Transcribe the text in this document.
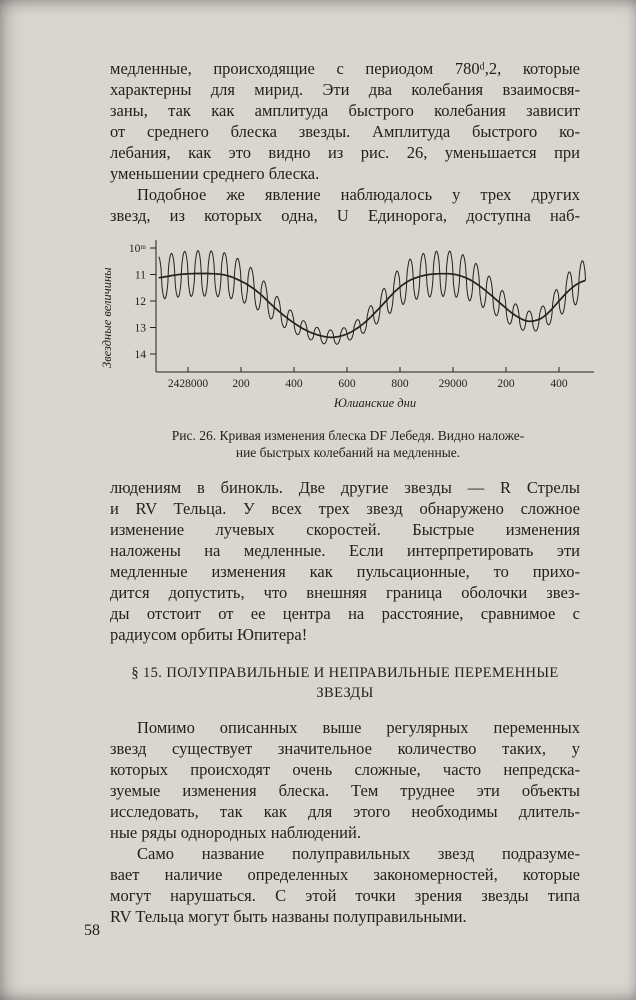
медленные, происходящие с периодом 780ᵈ,2, которые
характерны для мирид. Эти два колебания взаимосвя-
заны, так как амплитуда быстрого колебания зависит
от среднего блеска звезды. Амплитуда быстрого ко-
лебания, как это видно из рис. 26, уменьшается при
уменьшении среднего блеска.
Подобное же явление наблюдалось у трех других
звезд, из которых одна, U Единорога, доступна наб-
10ᵐ
11
12
13
14
2428000 200	400	600	800	29000	200	400
Юлианские дни
Звездные величины
Рис. 26. Кривая изменения блеска DF Лебедя. Видно наложе-
ние быстрых колебаний на медленные.
людениям в бинокль. Две другие звезды — R Стрелы
и RV Тельца. У всех трех звезд обнаружено сложное
изменение лучевых скоростей. Быстрые изменения
наложены на медленные. Если интерпретировать эти
медленные изменения как пульсационные, то прихо-
дится допустить, что внешняя граница оболочки звез-
ды отстоит от ее центра на расстояние, сравнимое с
радиусом орбиты Юпитера!
§ 15. ПОЛУПРАВИЛЬНЫЕ И НЕПРАВИЛЬНЫЕ ПЕРЕМЕННЫЕ
ЗВЕЗДЫ
Помимо описанных выше регулярных переменных
звезд существует значительное количество таких, у
которых происходят очень сложные, часто непредска-
зуемые изменения блеска. Тем труднее эти объекты
исследовать, так как для этого необходимы длитель-
ные ряды однородных наблюдений.
Само название полуправильных звезд подразуме-
вает наличие определенных закономерностей, которые
могут нарушаться. С этой точки зрения звезды типа
RV Тельца могут быть названы полуправильными.
58
